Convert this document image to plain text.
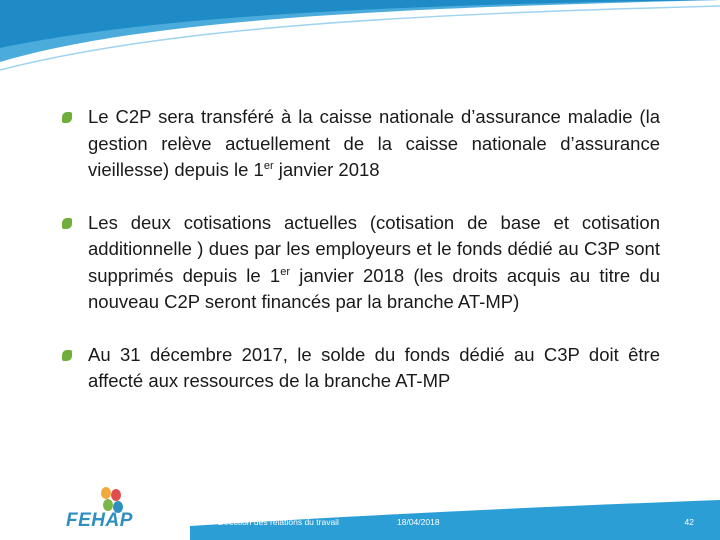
Le C2P sera transféré à la caisse nationale d’assurance maladie (la gestion relève actuellement de la caisse nationale d’assurance vieillesse) depuis le 1er janvier 2018
Les deux cotisations actuelles (cotisation de base et cotisation additionnelle ) dues par les employeurs et le fonds dédié au C3P sont supprimés depuis le 1er janvier 2018 (les droits acquis au titre du nouveau C2P seront financés par la branche AT-MP)
Au 31 décembre 2017, le solde du fonds dédié au C3P doit être affecté aux ressources de la branche AT-MP
FEHAP	Direction des relations du travail	18/04/2018	42
